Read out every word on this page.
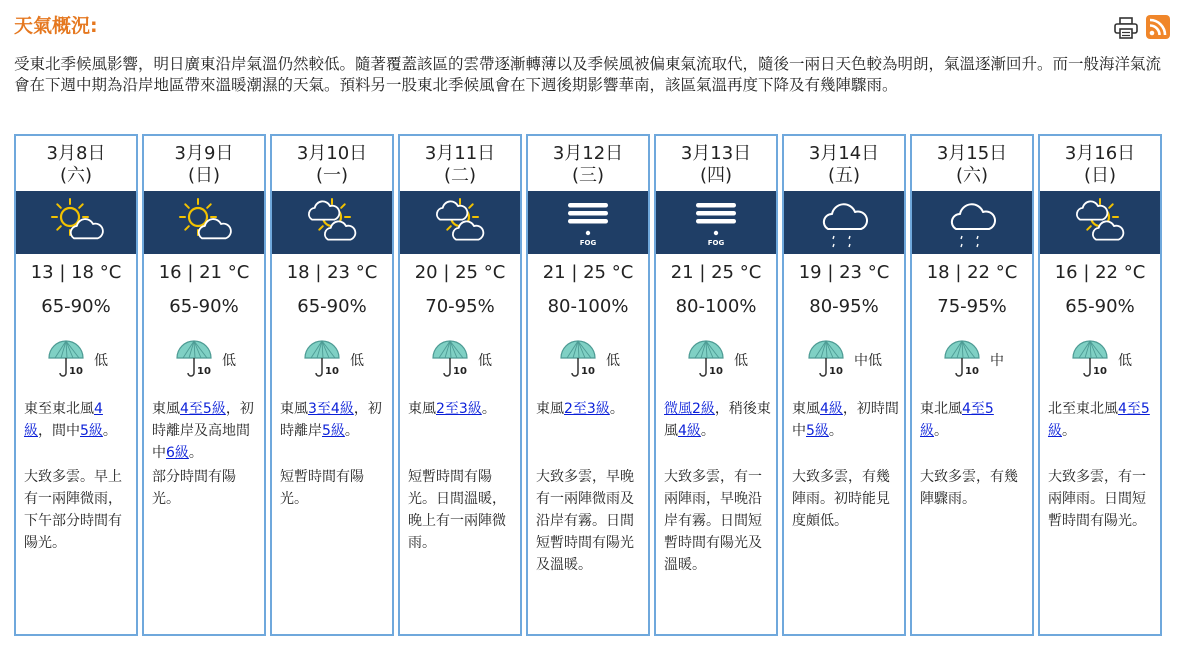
天氣概況:

受東北季候風影響，明日廣東沿岸氣溫仍然較低。隨著覆蓋該區的雲帶逐漸轉薄以及季候風被偏東氣流取代，隨後一兩日天色較為明朗，氣溫逐漸回升。而一般海洋氣流會在下週中期為沿岸地區帶來溫暖潮濕的天氣。預料另一股東北季候風會在下週後期影響華南，該區氣溫再度下降及有幾陣驟雨。

3月8日
(六)
13 | 18 °C
65-90%
10
低
東至東北風4
級，間中5級。
大致多雲。早上有一兩陣微雨，下午部分時間有陽光。
3月9日
(日)
16 | 21 °C
65-90%
10
低
東風4至5級，初時離岸及高地間中6級。
部分時間有陽光。
3月10日
(一)
18 | 23 °C
65-90%
10
低
東風3至4級，初時離岸5級。
短暫時間有陽光。
3月11日
(二)
20 | 25 °C
70-95%
10
低
東風2至3級。
短暫時間有陽光。日間溫暖，晚上有一兩陣微雨。
3月12日
(三)
FOG
21 | 25 °C
80-100%
10
低
東風2至3級。
大致多雲，早晚有一兩陣微雨及沿岸有霧。日間短暫時間有陽光及溫暖。
3月13日
(四)
FOG
21 | 25 °C
80-100%
10
低
微風2級，稍後東風4級。
大致多雲，有一兩陣雨，早晚沿岸有霧。日間短暫時間有陽光及溫暖。
3月14日
(五)
19 | 23 °C
80-95%
10
中低
東風4級，初時間中5級。
大致多雲，有幾陣雨。初時能見度頗低。
3月15日
(六)
18 | 22 °C
75-95%
10
中
東北風4至5
級。
大致多雲，有幾陣驟雨。
3月16日
(日)
16 | 22 °C
65-90%
10
低
北至東北風4至5
級。
大致多雲，有一兩陣雨。日間短暫時間有陽光。
